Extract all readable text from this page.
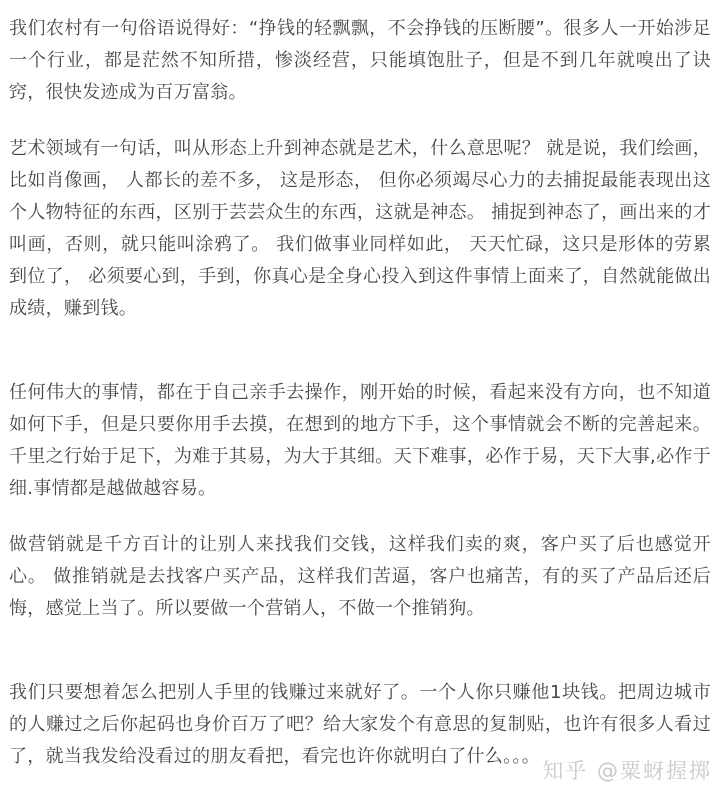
我们农村有一句俗语说得好：“挣钱的轻飘飘，不会挣钱的压断腰”。很多人一开始涉足一个行业，都是茫然不知所措，惨淡经营，只能填饱肚子，但是不到几年就嗅出了诀窍，很快发迹成为百万富翁。

艺术领域有一句话，叫从形态上升到神态就是艺术，什么意思呢？ 就是说，我们绘画，比如肖像画， 人都长的差不多， 这是形态， 但你必须竭尽心力的去捕捉最能表现出这个人物特征的东西，区别于芸芸众生的东西，这就是神态。 捕捉到神态了，画出来的才叫画，否则，就只能叫涂鸦了。 我们做事业同样如此， 天天忙碌，这只是形体的劳累到位了， 必须要心到，手到，你真心是全身心投入到这件事情上面来了，自然就能做出成绩，赚到钱。

任何伟大的事情，都在于自己亲手去操作，刚开始的时候，看起来没有方向，也不知道如何下手，但是只要你用手去摸，在想到的地方下手，这个事情就会不断的完善起来。千里之行始于足下，为难于其易，为大于其细。天下难事，必作于易，天下大事,必作于细.事情都是越做越容易。

做营销就是千方百计的让别人来找我们交钱，这样我们卖的爽，客户买了后也感觉开心。 做推销就是去找客户买产品，这样我们苦逼，客户也痛苦，有的买了产品后还后悔，感觉上当了。所以要做一个营销人，不做一个推销狗。

我们只要想着怎么把别人手里的钱赚过来就好了。一个人你只赚他1块钱。把周边城市的人赚过之后你起码也身价百万了吧？给大家发个有意思的复制贴，也许有很多人看过了，就当我发给没看过的朋友看把，看完也许你就明白了什么。。。

知乎 @粟蚜握掷
